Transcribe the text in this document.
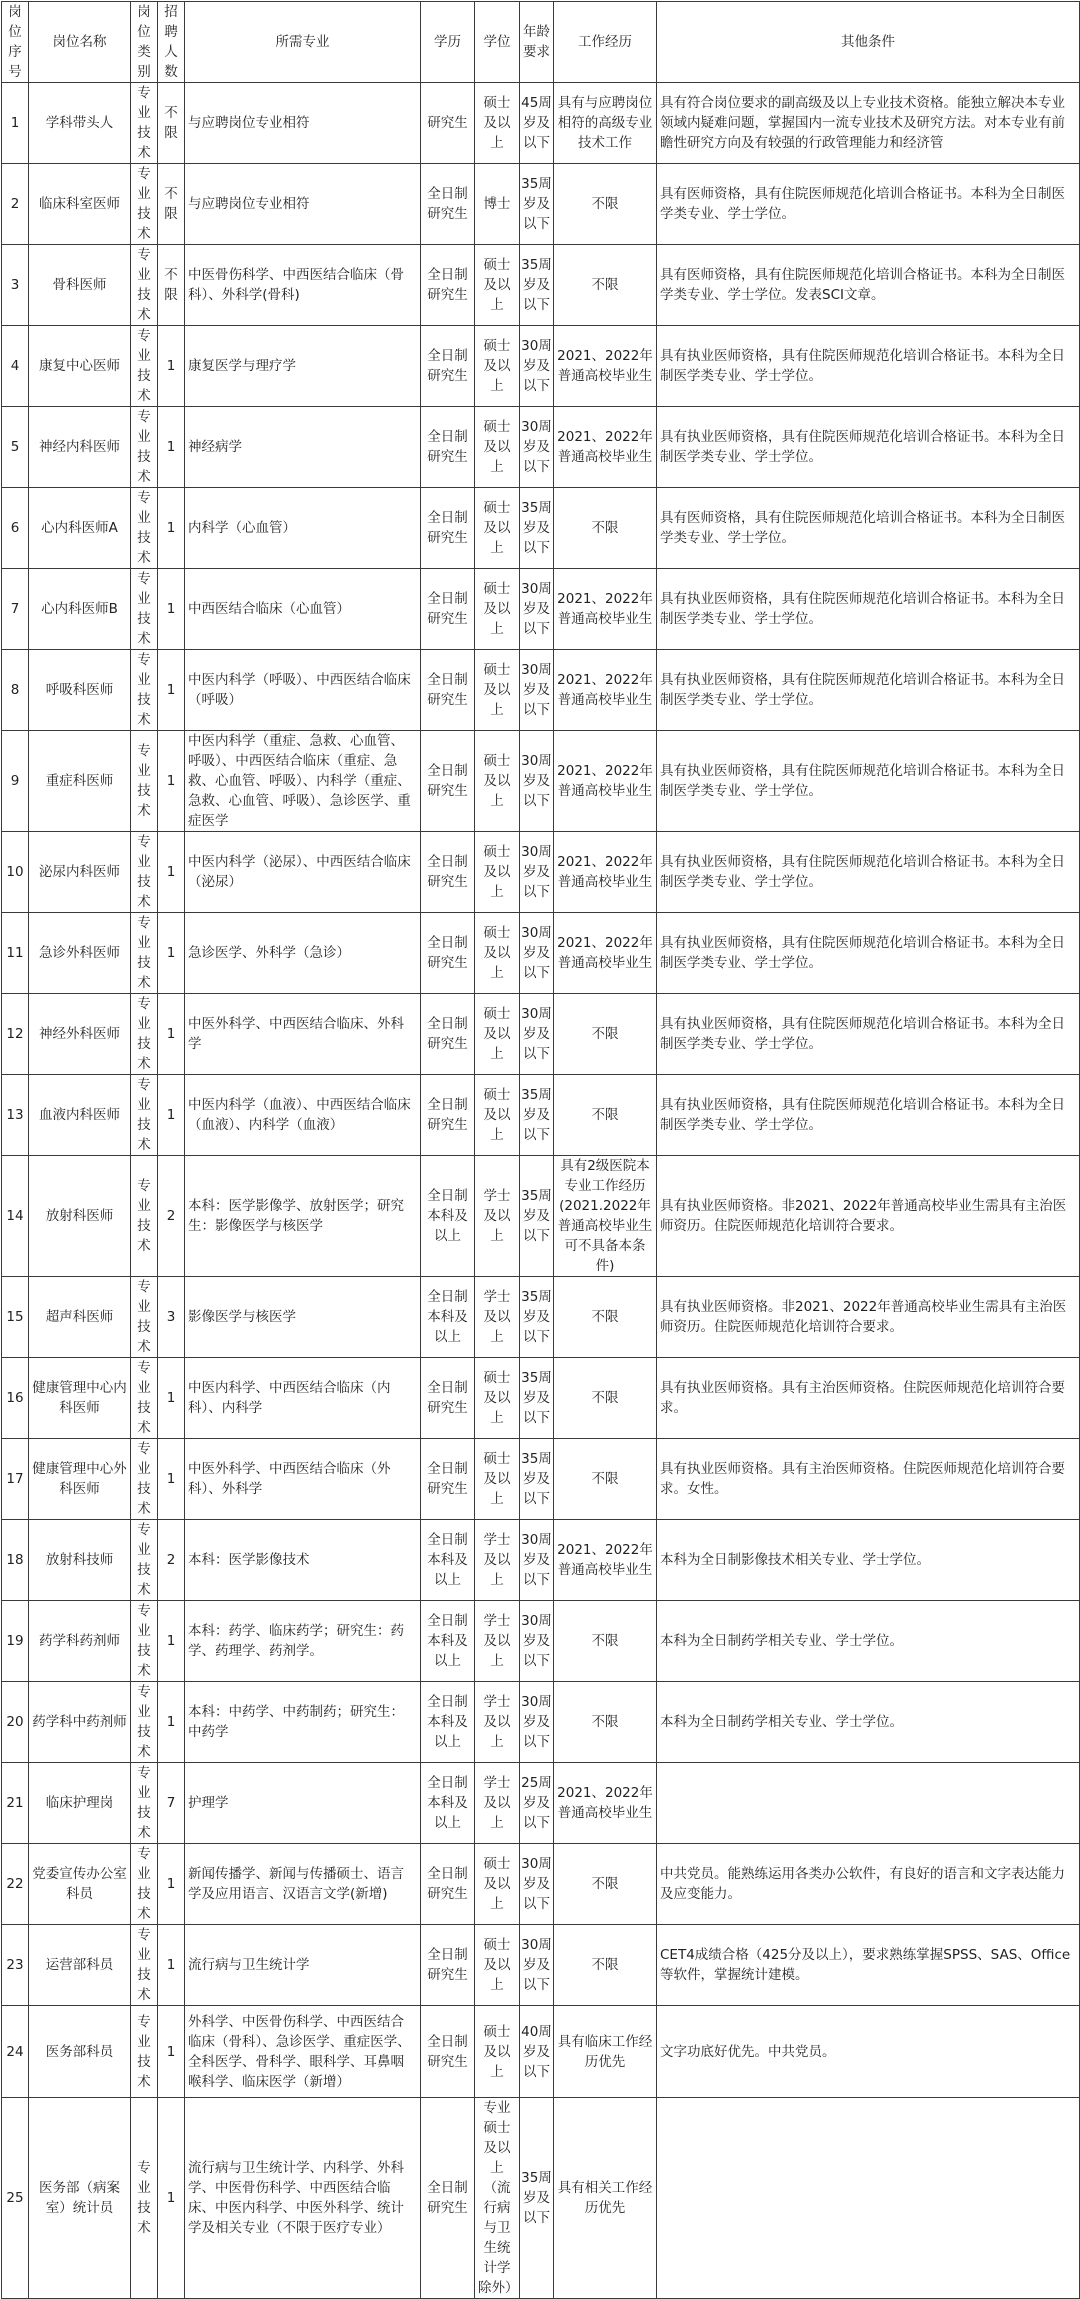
岗位序号	岗位名称	岗位类别	招聘人数	所需专业	学历	学位	年龄要求	工作经历	其他条件
1	学科带头人	专业技术	不限	与应聘岗位专业相符	研究生	硕士及以上	45周岁及以下	具有与应聘岗位相符的高级专业技术工作	具有符合岗位要求的副高级及以上专业技术资格。能独立解决本专业领域内疑难问题，掌握国内一流专业技术及研究方法。对本专业有前瞻性研究方向及有较强的行政管理能力和经济管
2	临床科室医师	专业技术	不限	与应聘岗位专业相符	全日制研究生	博士	35周岁及以下	不限	具有医师资格，具有住院医师规范化培训合格证书。本科为全日制医学类专业、学士学位。
3	骨科医师	专业技术	不限	中医骨伤科学、中西医结合临床（骨科）、外科学(骨科)	全日制研究生	硕士及以上	35周岁及以下	不限	具有医师资格，具有住院医师规范化培训合格证书。本科为全日制医学类专业、学士学位。发表SCI文章。
4	康复中心医师	专业技术	1	康复医学与理疗学	全日制研究生	硕士及以上	30周岁及以下	2021、2022年普通高校毕业生	具有执业医师资格，具有住院医师规范化培训合格证书。本科为全日制医学类专业、学士学位。
5	神经内科医师	专业技术	1	神经病学	全日制研究生	硕士及以上	30周岁及以下	2021、2022年普通高校毕业生	具有执业医师资格，具有住院医师规范化培训合格证书。本科为全日制医学类专业、学士学位。
6	心内科医师A	专业技术	1	内科学（心血管）	全日制研究生	硕士及以上	35周岁及以下	不限	具有医师资格，具有住院医师规范化培训合格证书。本科为全日制医学类专业、学士学位。
7	心内科医师B	专业技术	1	中西医结合临床（心血管）	全日制研究生	硕士及以上	30周岁及以下	2021、2022年普通高校毕业生	具有执业医师资格，具有住院医师规范化培训合格证书。本科为全日制医学类专业、学士学位。
8	呼吸科医师	专业技术	1	中医内科学（呼吸）、中西医结合临床（呼吸）	全日制研究生	硕士及以上	30周岁及以下	2021、2022年普通高校毕业生	具有执业医师资格，具有住院医师规范化培训合格证书。本科为全日制医学类专业、学士学位。
9	重症科医师	专业技术	1	中医内科学（重症、急救、心血管、呼吸）、中西医结合临床（重症、急救、心血管、呼吸）、内科学（重症、急救、心血管、呼吸）、急诊医学、重症医学	全日制研究生	硕士及以上	30周岁及以下	2021、2022年普通高校毕业生	具有执业医师资格，具有住院医师规范化培训合格证书。本科为全日制医学类专业、学士学位。
10	泌尿内科医师	专业技术	1	中医内科学（泌尿）、中西医结合临床（泌尿）	全日制研究生	硕士及以上	30周岁及以下	2021、2022年普通高校毕业生	具有执业医师资格，具有住院医师规范化培训合格证书。本科为全日制医学类专业、学士学位。
11	急诊外科医师	专业技术	1	急诊医学、外科学（急诊）	全日制研究生	硕士及以上	30周岁及以下	2021、2022年普通高校毕业生	具有执业医师资格，具有住院医师规范化培训合格证书。本科为全日制医学类专业、学士学位。
12	神经外科医师	专业技术	1	中医外科学、中西医结合临床、外科学	全日制研究生	硕士及以上	30周岁及以下	不限	具有执业医师资格，具有住院医师规范化培训合格证书。本科为全日制医学类专业、学士学位。
13	血液内科医师	专业技术	1	中医内科学（血液）、中西医结合临床（血液）、内科学（血液）	全日制研究生	硕士及以上	35周岁及以下	不限	具有执业医师资格，具有住院医师规范化培训合格证书。本科为全日制医学类专业、学士学位。
14	放射科医师	专业技术	2	本科：医学影像学、放射医学；研究生：影像医学与核医学	全日制本科及以上	学士及以上	35周岁及以下	具有2级医院本专业工作经历(2021.2022年普通高校毕业生可不具备本条件)	具有执业医师资格。非2021、2022年普通高校毕业生需具有主治医师资历。住院医师规范化培训符合要求。
15	超声科医师	专业技术	3	影像医学与核医学	全日制本科及以上	学士及以上	35周岁及以下	不限	具有执业医师资格。非2021、2022年普通高校毕业生需具有主治医师资历。住院医师规范化培训符合要求。
16	健康管理中心内科医师	专业技术	1	中医内科学、中西医结合临床（内科）、内科学	全日制研究生	硕士及以上	35周岁及以下	不限	具有执业医师资格。具有主治医师资格。住院医师规范化培训符合要求。
17	健康管理中心外科医师	专业技术	1	中医外科学、中西医结合临床（外科）、外科学	全日制研究生	硕士及以上	35周岁及以下	不限	具有执业医师资格。具有主治医师资格。住院医师规范化培训符合要求。女性。
18	放射科技师	专业技术	2	本科：医学影像技术	全日制本科及以上	学士及以上	30周岁及以下	2021、2022年普通高校毕业生	本科为全日制影像技术相关专业、学士学位。
19	药学科药剂师	专业技术	1	本科：药学、临床药学；研究生：药学、药理学、药剂学。	全日制本科及以上	学士及以上	30周岁及以下	不限	本科为全日制药学相关专业、学士学位。
20	药学科中药剂师	专业技术	1	本科：中药学、中药制药；研究生：中药学	全日制本科及以上	学士及以上	30周岁及以下	不限	本科为全日制药学相关专业、学士学位。
21	临床护理岗	专业技术	7	护理学	全日制本科及以上	学士及以上	25周岁及以下	2021、2022年普通高校毕业生	
22	党委宣传办公室科员	专业技术	1	新闻传播学、新闻与传播硕士、语言学及应用语言、汉语言文学(新增)	全日制研究生	硕士及以上	30周岁及以下	不限	中共党员。能熟练运用各类办公软件，有良好的语言和文字表达能力及应变能力。
23	运营部科员	专业技术	1	流行病与卫生统计学	全日制研究生	硕士及以上	30周岁及以下	不限	CET4成绩合格（425分及以上），要求熟练掌握SPSS、SAS、Office等软件，掌握统计建模。
24	医务部科员	专业技术	1	外科学、中医骨伤科学、中西医结合临床（骨科）、急诊医学、重症医学、全科医学、骨科学、眼科学、耳鼻咽喉科学、临床医学（新增）	全日制研究生	硕士及以上	40周岁及以下	具有临床工作经历优先	文字功底好优先。中共党员。
25	医务部（病案室）统计员	专业技术	1	流行病与卫生统计学、内科学、外科学、中医骨伤科学、中西医结合临床、中医内科学、中医外科学、统计学及相关专业（不限于医疗专业）	全日制研究生	专业硕士及以上（流行病与卫生统计学除外）	35周岁及以下	具有相关工作经历优先	
